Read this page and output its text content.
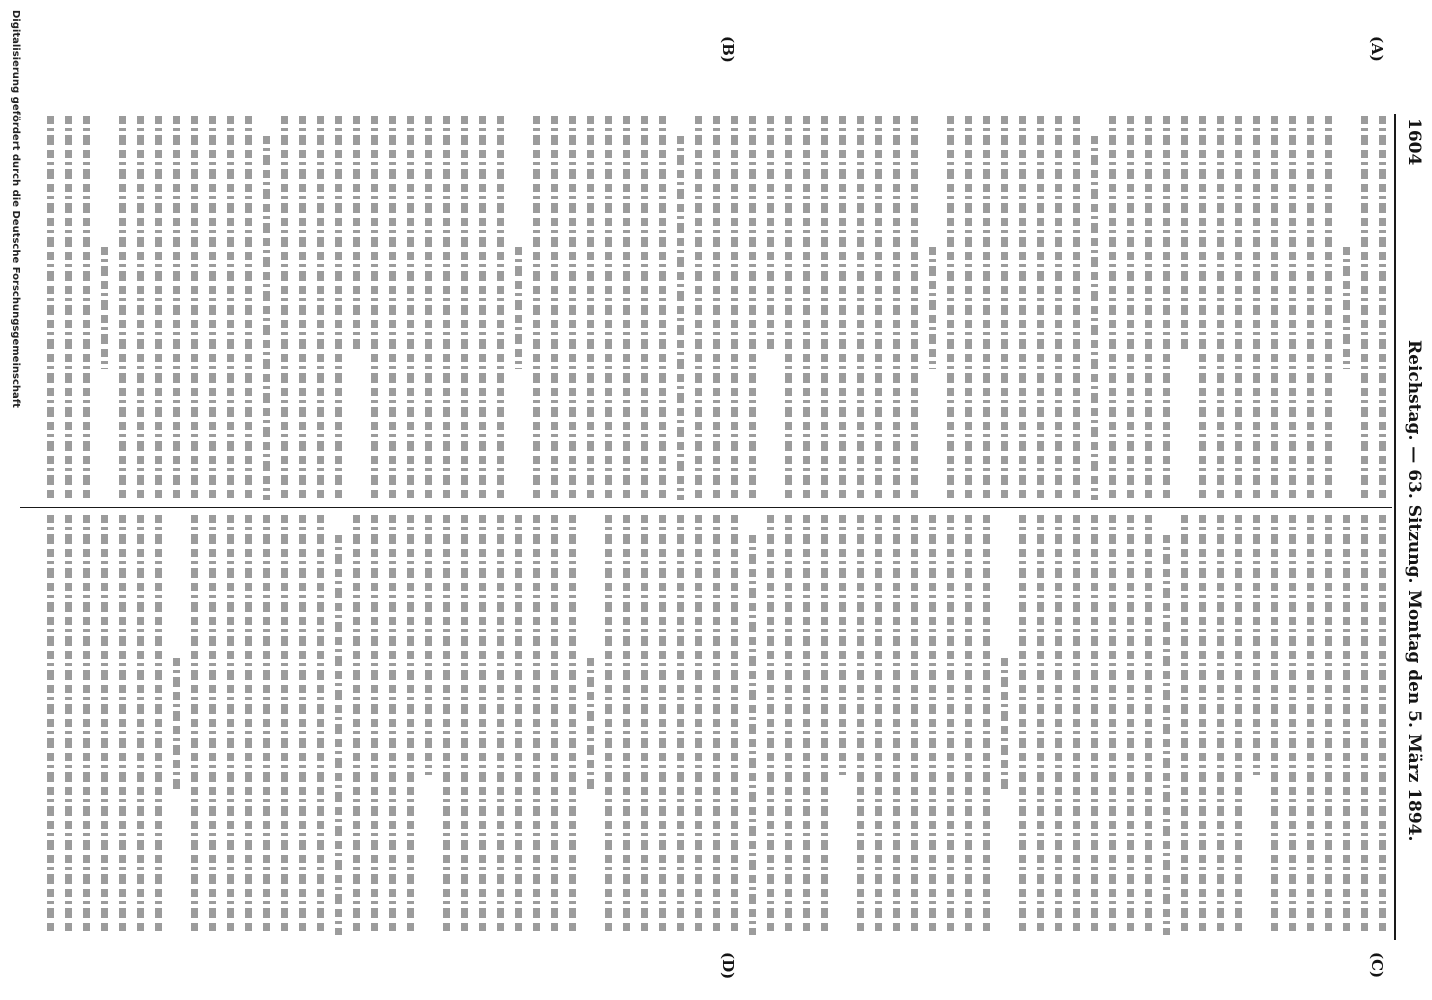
1604
Reichstag. — 63. Sitzung.
Montag den 5. März 1894.
(A)
(B)
(C)
(D)
Digitalisierung gefördert durch die Deutsche Forschungsgemeinschaft
